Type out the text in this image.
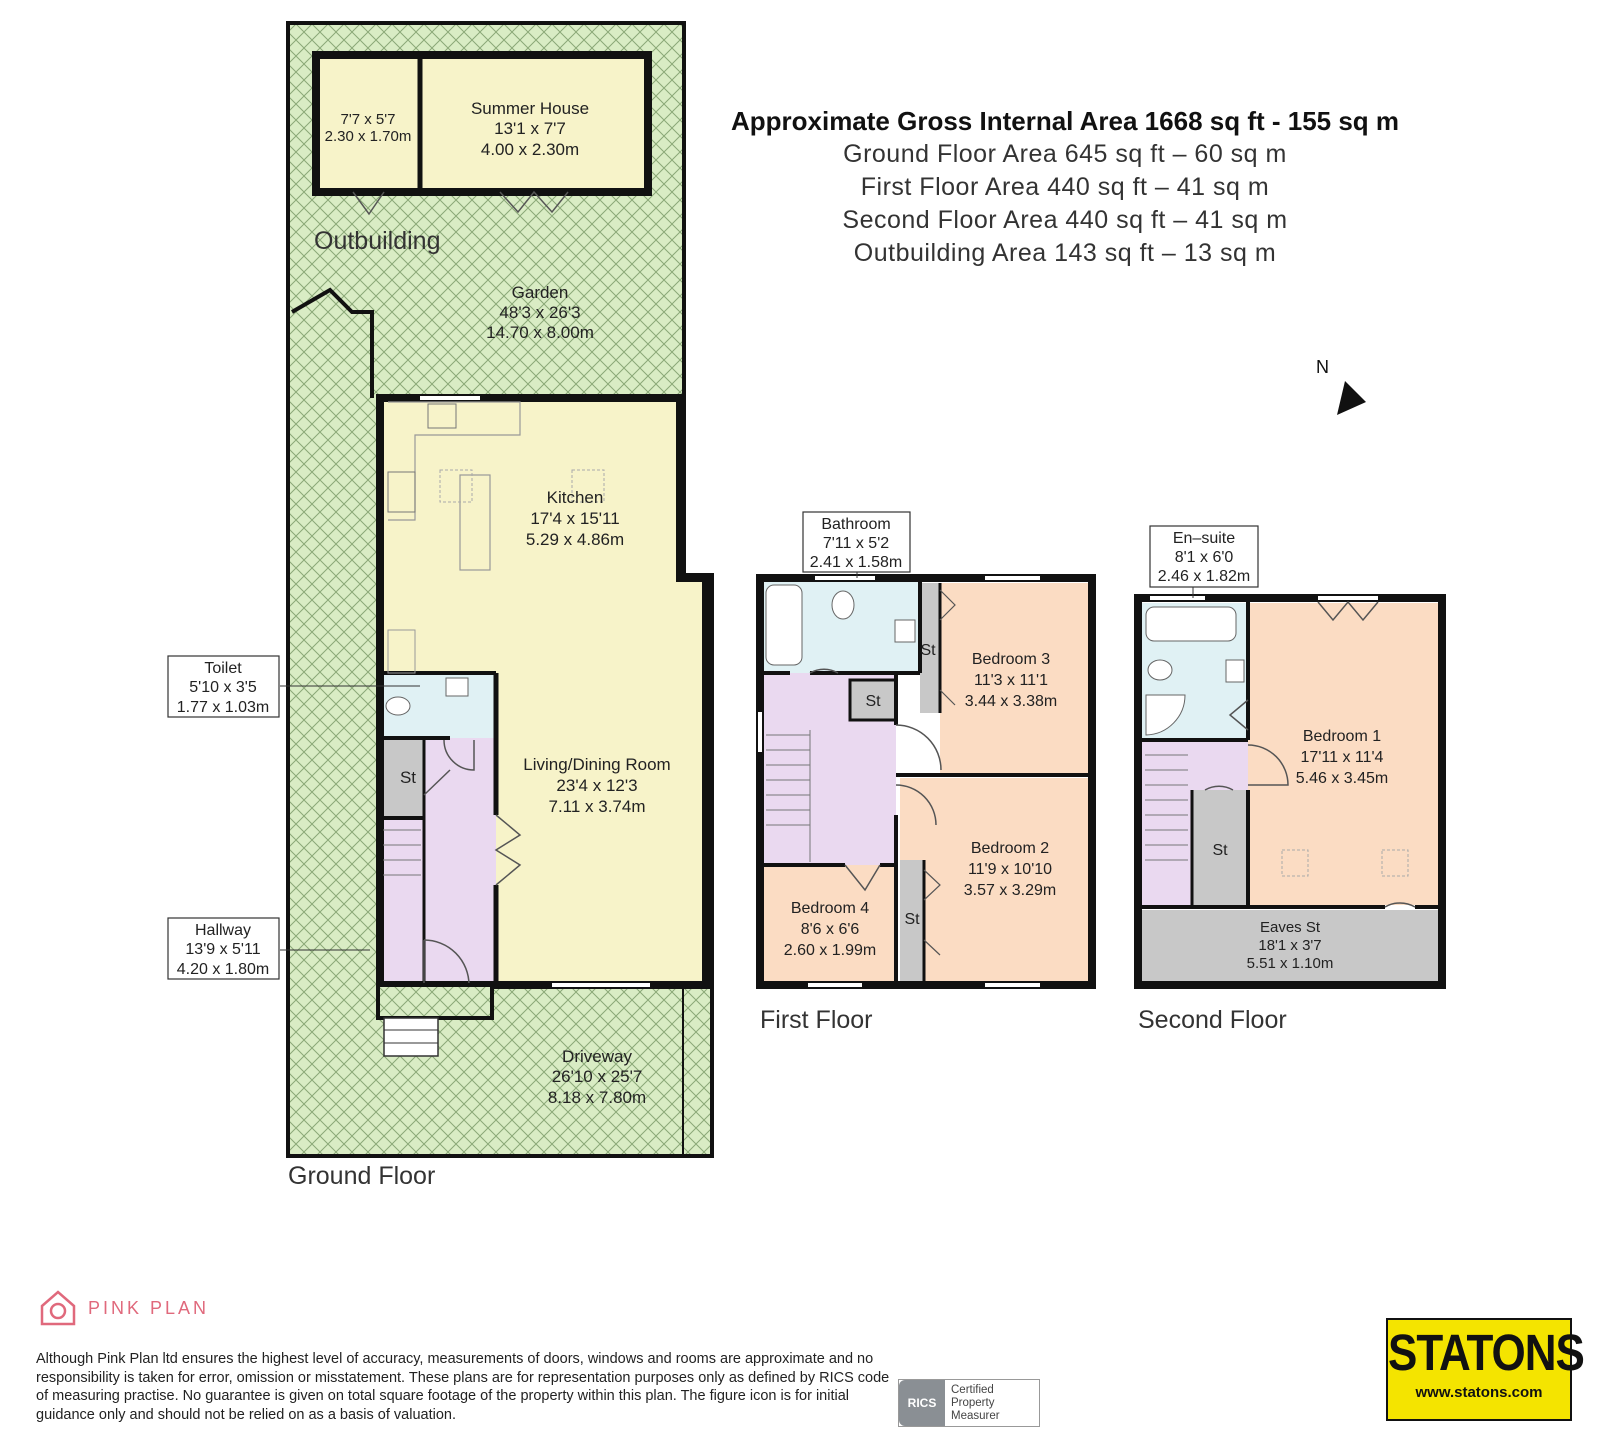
7'7 x 5'7
2.30 x 1.70m
Summer House
13'1 x 7'7
4.00 x 2.30m
Garden
48'3 x 26'3
14.70 x 8.00m
Kitchen
17'4 x 15'11
5.29 x 4.86m
Living/Dining Room
23'4 x 12'3
7.11 x 3.74m
St
Driveway
26'10 x 25'7
8.18 x 7.80m
Outbuilding
Toilet
5'10 x 3'5
1.77 x 1.03m
Hallway
13'9 x 5'11
4.20 x 1.80m
Bathroom
7'11 x 5'2
2.41 x 1.58m
Bedroom 3
11'3 x 11'1
3.44 x 3.38m
Bedroom 2
11'9 x 10'10
3.57 x 3.29m
Bedroom 4
8'6 x 6'6
2.60 x 1.99m
St
St
St
En–suite
8'1 x 6'0
2.46 x 1.82m
Bedroom 1
17'11 x 11'4
5.46 x 3.45m
St
Eaves St
18'1 x 3'7
5.51 x 1.10m
N
Approximate Gross Internal Area 1668 sq ft - 155 sq m
Ground Floor Area 645 sq ft – 60 sq m
First Floor Area 440 sq ft – 41 sq m
Second Floor Area 440 sq ft – 41 sq m
Outbuilding Area 143 sq ft – 13 sq m
Ground Floor
First Floor	Second Floor
PINK PLAN
Although Pink Plan ltd ensures the highest level of accuracy, measurements of doors, windows and rooms are approximate and no responsibility is taken for error, omission or misstatement. These plans are for representation purposes only as defined by RICS code of measuring practise. No guarantee is given on total square footage of the property within this plan. The figure icon is for initial guidance only and should not be relied on as a basis of valuation.
RICS
Certified
Property
Measurer
STATONS
www.statons.com
